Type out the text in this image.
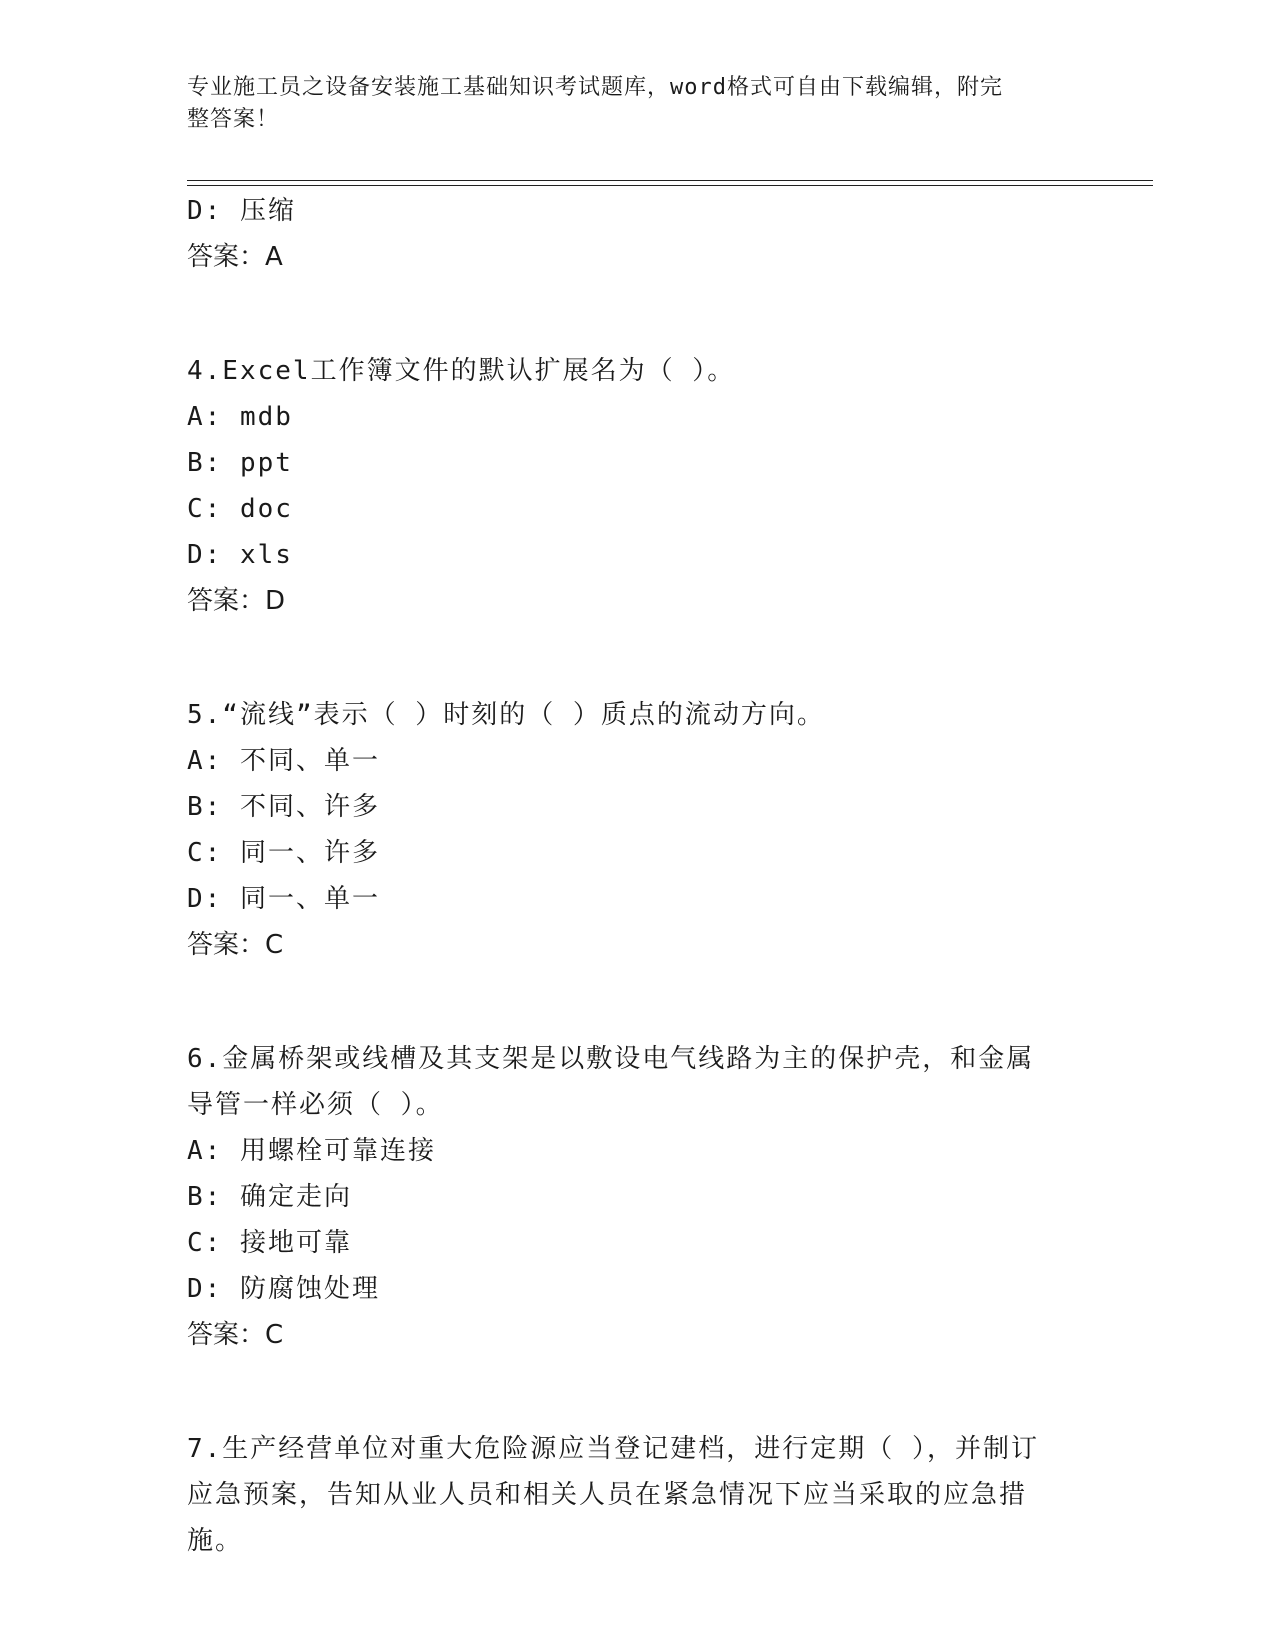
专业施工员之设备安装施工基础知识考试题库，word格式可自由下载编辑，附完
整答案！
D: 压缩
答案：A
4.Excel工作簿文件的默认扩展名为（ ）。
A: mdb
B: ppt
C: doc
D: xls
答案：D
5.“流线”表示（ ）时刻的（ ）质点的流动方向。
A: 不同、单一
B: 不同、许多
C: 同一、许多
D: 同一、单一
答案：C
6.金属桥架或线槽及其支架是以敷设电气线路为主的保护壳，和金属
导管一样必须（ ）。
A: 用螺栓可靠连接
B: 确定走向
C: 接地可靠
D: 防腐蚀处理
答案：C
7.生产经营单位对重大危险源应当登记建档，进行定期（ ），并制订
应急预案，告知从业人员和相关人员在紧急情况下应当采取的应急措
施。
